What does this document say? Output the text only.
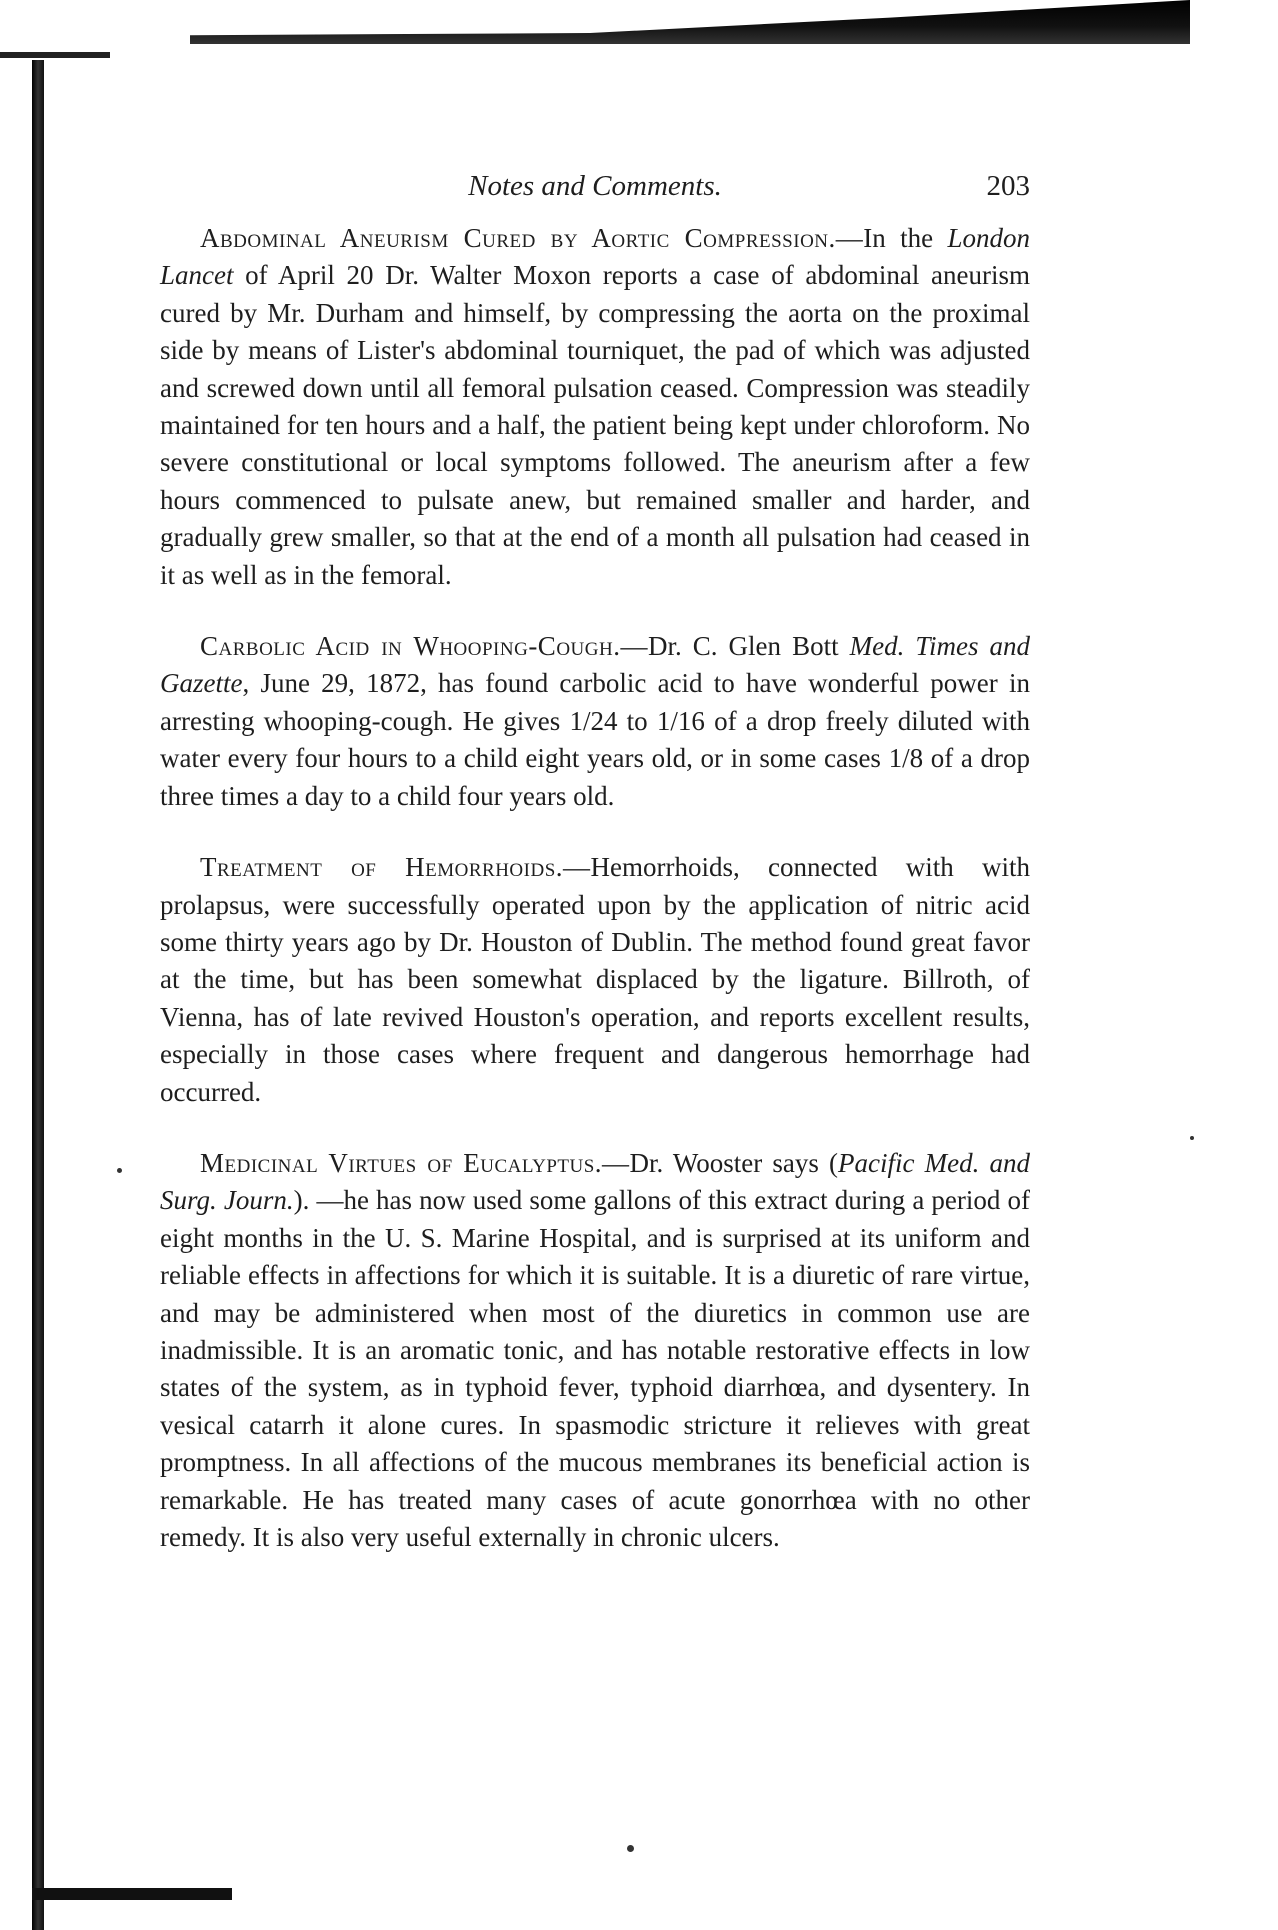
Notes and Comments.	203

Abdominal Aneurism Cured by Aortic Compression.—In the London Lancet of April 20 Dr. Walter Moxon reports a case of abdominal aneurism cured by Mr. Durham and himself, by compressing the aorta on the proximal side by means of Lister's abdominal tourniquet, the pad of which was adjusted and screwed down until all femoral pulsation ceased. Compression was steadily maintained for ten hours and a half, the patient being kept under chloroform. No severe constitutional or local symptoms followed. The aneurism after a few hours commenced to pulsate anew, but remained smaller and harder, and gradually grew smaller, so that at the end of a month all pulsation had ceased in it as well as in the femoral.

Carbolic Acid in Whooping-Cough.—Dr. C. Glen Bott Med. Times and Gazette, June 29, 1872, has found carbolic acid to have wonderful power in arresting whooping-cough. He gives 1/24 to 1/16 of a drop freely diluted with water every four hours to a child eight years old, or in some cases 1/8 of a drop three times a day to a child four years old.

Treatment of Hemorrhoids.—Hemorrhoids, connected with with prolapsus, were successfully operated upon by the application of nitric acid some thirty years ago by Dr. Houston of Dublin. The method found great favor at the time, but has been somewhat displaced by the ligature. Billroth, of Vienna, has of late revived Houston's operation, and reports excellent results, especially in those cases where frequent and dangerous hemorrhage had occurred.

Medicinal Virtues of Eucalyptus.—Dr. Wooster says (Pacific Med. and Surg. Journ.). —he has now used some gallons of this extract during a period of eight months in the U. S. Marine Hospital, and is surprised at its uniform and reliable effects in affections for which it is suitable. It is a diuretic of rare virtue, and may be administered when most of the diuretics in common use are inadmissible. It is an aromatic tonic, and has notable restorative effects in low states of the system, as in typhoid fever, typhoid diarrhœa, and dysentery. In vesical catarrh it alone cures. In spasmodic stricture it relieves with great promptness. In all affections of the mucous membranes its beneficial action is remarkable. He has treated many cases of acute gonorrhœa with no other remedy. It is also very useful externally in chronic ulcers.
